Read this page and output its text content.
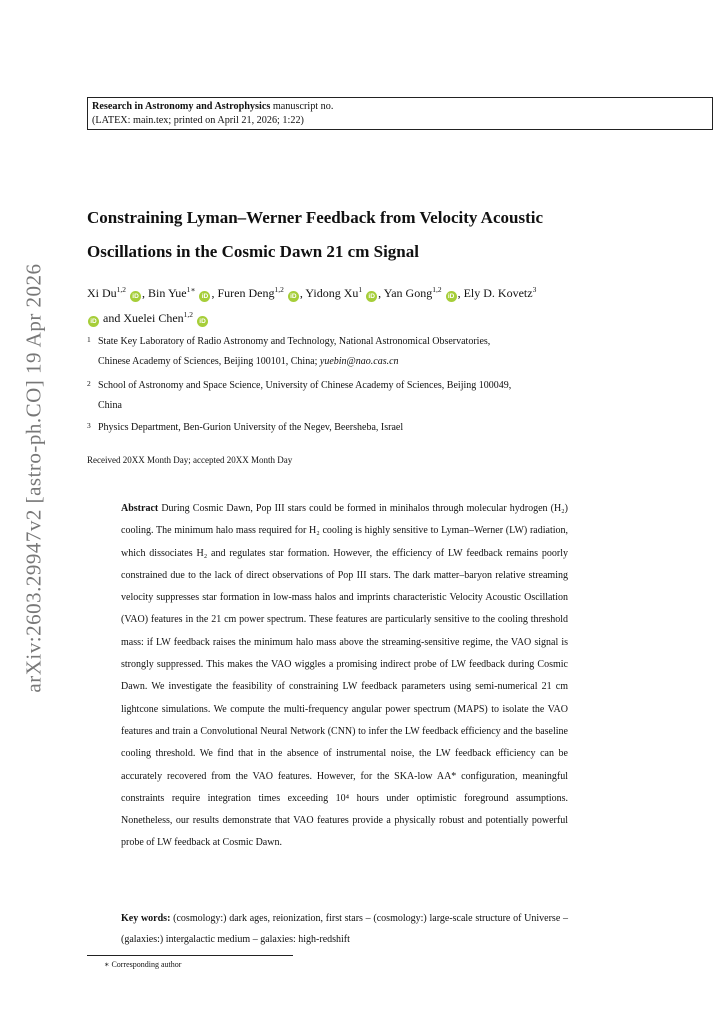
Research in Astronomy and Astrophysics manuscript no.
(LATEX: main.tex; printed on April 21, 2026; 1:22)
arXiv:2603.29947v2 [astro-ph.CO] 19 Apr 2026
Constraining Lyman–Werner Feedback from Velocity Acoustic
Oscillations in the Cosmic Dawn 21 cm Signal
Xi Du$^{1,2}$ iD , Bin Yue$^{1∗}$ iD , Furen Deng$^{1,2}$ iD , Yidong Xu$^1$ iD , Yan Gong$^{1,2}$ iD , Ely D. Kovetz$^3$
iD and Xuelei Chen$^{1,2}$ iD
1 State Key Laboratory of Radio Astronomy and Technology, National Astronomical Observatories,
Chinese Academy of Sciences, Beijing 100101, China; yuebin@nao.cas.cn
2 School of Astronomy and Space Science, University of Chinese Academy of Sciences, Beijing 100049,
China
3 Physics Department, Ben-Gurion University of the Negev, Beersheba, Israel
Received 20XX Month Day; accepted 20XX Month Day
Abstract During Cosmic Dawn, Pop III stars could be formed in minihalos through molecular hydrogen (H₂) cooling. The minimum halo mass required for H₂ cooling is highly sensitive to Lyman–Werner (LW) radiation, which dissociates H₂ and regulates star formation. However, the efficiency of LW feedback remains poorly constrained due to the lack of direct observations of Pop III stars. The dark matter–baryon relative streaming velocity suppresses star formation in low-mass halos and imprints characteristic Velocity Acoustic Oscillation (VAO) features in the 21 cm power spectrum. These features are particularly sensitive to the cooling threshold mass: if LW feedback raises the minimum halo mass above the streaming-sensitive regime, the VAO signal is strongly suppressed. This makes the VAO wiggles a promising indirect probe of LW feedback during Cosmic Dawn. We investigate the feasibility of constraining LW feedback parameters using semi-numerical 21 cm lightcone simulations. We compute the multi-frequency angular power spectrum (MAPS) to isolate the VAO features and train a Convolutional Neural Network (CNN) to infer the LW feedback efficiency and the baseline cooling threshold. We find that in the absence of instrumental noise, the LW feedback efficiency can be accurately recovered from the VAO features. However, for the SKA-low AA* configuration, meaningful constraints require integration times exceeding 10⁴ hours under optimistic foreground assumptions. Nonetheless, our results demonstrate that VAO features provide a physically robust and potentially powerful probe of LW feedback at Cosmic Dawn.
Key words: (cosmology:) dark ages, reionization, first stars – (cosmology:) large-scale structure of Universe – (galaxies:) intergalactic medium – galaxies: high-redshift
∗ Corresponding author
